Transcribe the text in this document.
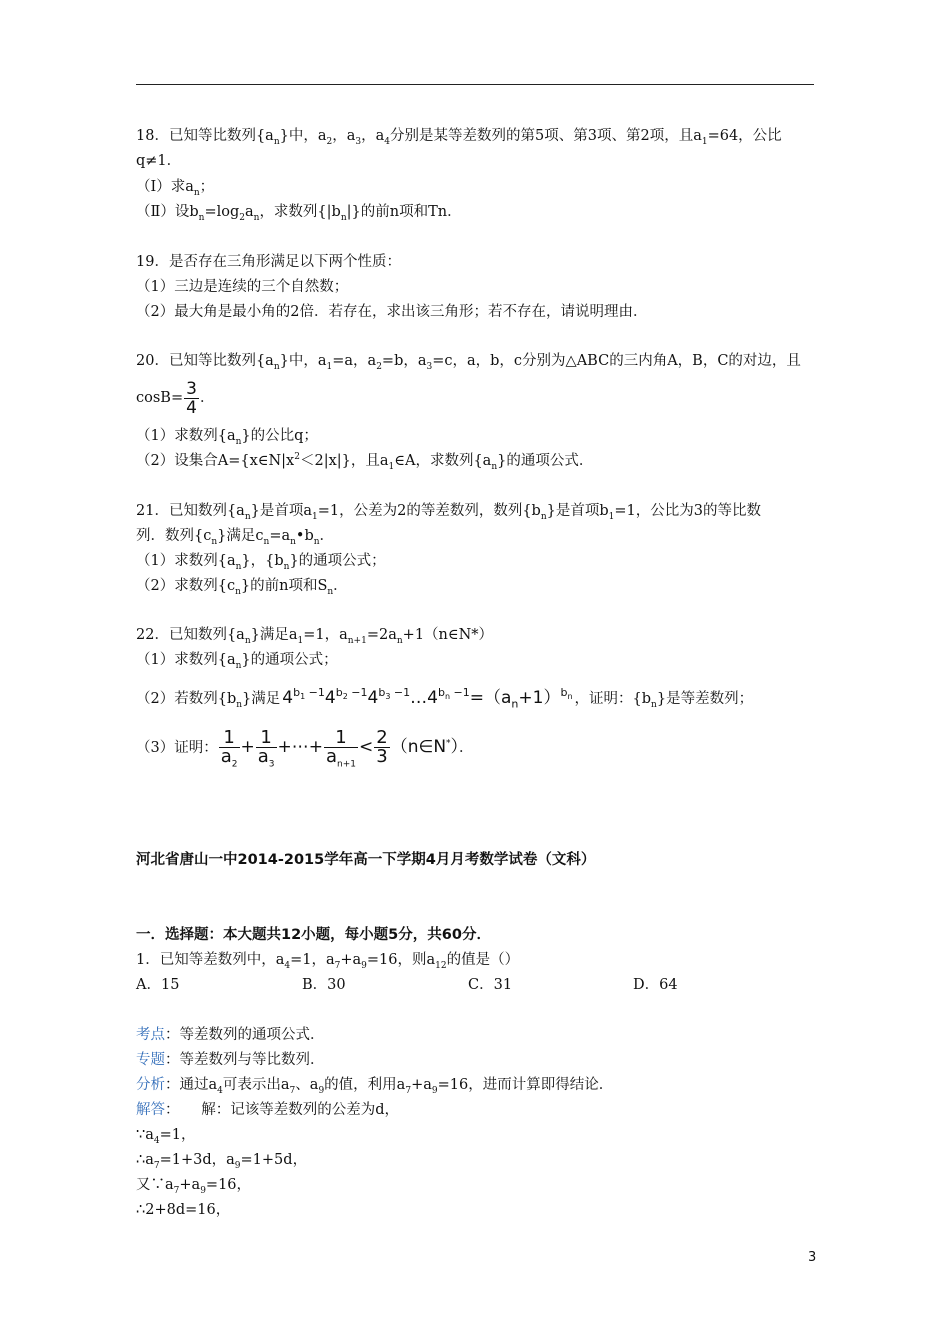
18．已知等比数列$\{a_n\}$中，$a_2$，$a_3$，$a_4$分别是某等差数列的第5项、第3项、第2项，且$a_1=64$，公比
q≠1．
（Ⅰ）求$a_n$；
（Ⅱ）设$b_n=\log_2a_n$，求数列$\{|b_n|\}$的前n项和Tn．
19．是否存在三角形满足以下两个性质：
（1）三边是连续的三个自然数；
（2）最大角是最小角的2倍．若存在，求出该三角形；若不存在，请说明理由．
20．已知等比数列$\{a_n\}$中，$a_1=a$，$a_2=b$，$a_3=c$，a，b，c分别为△ABC的三内角A，B，C的对边，且
$\cos B= \frac{3}{4}$ ．
（1）求数列$\{a_n\}$的公比q；
（2）设集合$A=\{x\in N|x^2<2|x|\}$，且$a_1\in A$，求数列$\{a_n\}$的通项公式．
21．已知数列$\{a_n\}$是首项$a_1=1$，公差为2的等差数列，数列$\{b_n\}$是首项$b_1=1$，公比为3的等比数
列．数列$\{c_n\}$满足$c_n=a_n•b_n$．
（1）求数列$\{a_n\}$，$\{b_n\}$的通项公式；
（2）求数列$\{c_n\}$的前n项和$S_n$．
22．已知数列$\{a_n\}$满足$a_1=1$，$a_{n+1}=2a_n+1(n\in N*)$
（1）求数列$\{a_n\}$的通项公式；
（2）若数列$\{b_n\}$满足 $4^{b_1 -1}4^{b_2 -1}4^{b_3 -1}\dots 4^{b_n -1}=(a_n+1)^{b_n}$ ，证明：$\{b_n\}$是等差数列；
（3）证明： $\frac{1}{a_2} + \frac{1}{a_3}$ +⋯+ $\frac{1}{a_{n+1}} < \frac{2}{3}$ （n∈N*）．
河北省唐山一中2014-2015学年高一下学期4月月考数学试卷（文科）
一．选择题：本大题共12小题，每小题5分，共60分．
1．已知等差数列中，$a_4=1$，$a_7+a_9=16$，则$a_{12}$的值是（）
A．15	B．30	C．31	D．64
考点：等差数列的通项公式．
专题：等差数列与等比数列．
分析：通过$a_4$可表示出$a_7$、$a_9$的值，利用$a_7+a_9=16$，进而计算即得结论．
解答：　　解：记该等差数列的公差为d，
$\because a_4=1$，
$\therefore a_7=1+3d$，$a_9=1+5d$，
又$\because a_7+a_9=16$，
∴2+8d=16，
3
